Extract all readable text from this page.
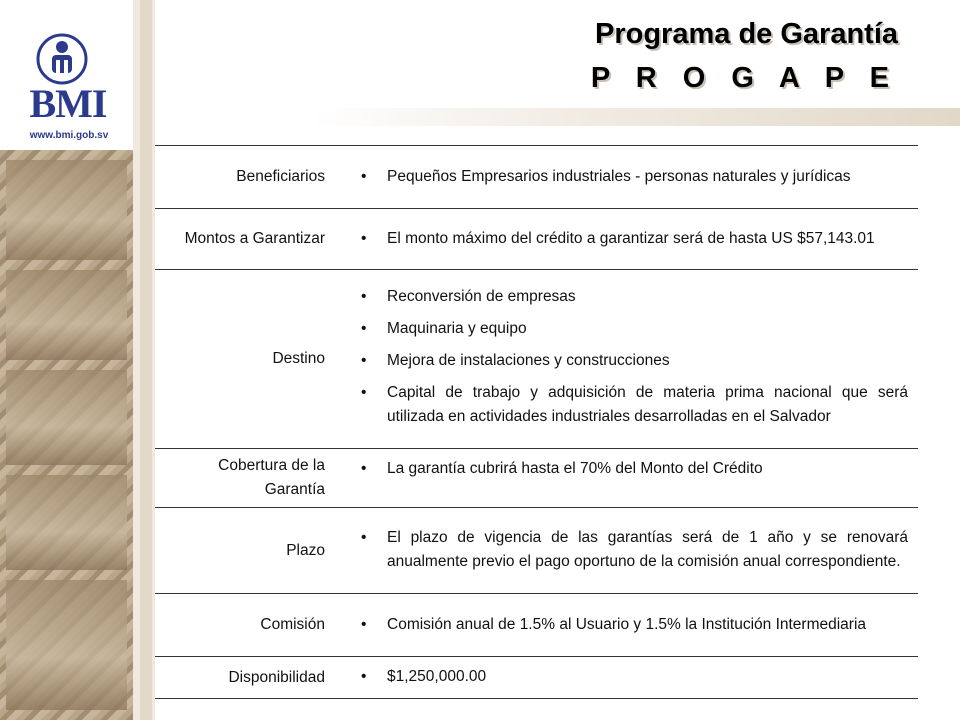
BMI
www.bmi.gob.sv
Programa de Garantía
P R O G A P E
Beneficiarios	• Pequeños Empresarios industriales - personas naturales y jurídicas

Montos a Garantizar	• El monto máximo del crédito a garantizar será de hasta US $57,143.01

Destino	• Reconversión de empresas
• Maquinaria y equipo
• Mejora de instalaciones y construcciones
• Capital de trabajo y adquisición de materia prima nacional que será utilizada en actividades industriales desarrolladas en el Salvador

Cobertura de la Garantía	• La garantía cubrirá hasta el 70% del Monto del Crédito

Plazo	• El plazo de vigencia de las garantías será de 1 año y se renovará anualmente previo el pago oportuno de la comisión anual correspondiente.

Comisión	• Comisión anual de 1.5% al Usuario y 1.5% la Institución Intermediaria

Disponibilidad	• $1,250,000.00
